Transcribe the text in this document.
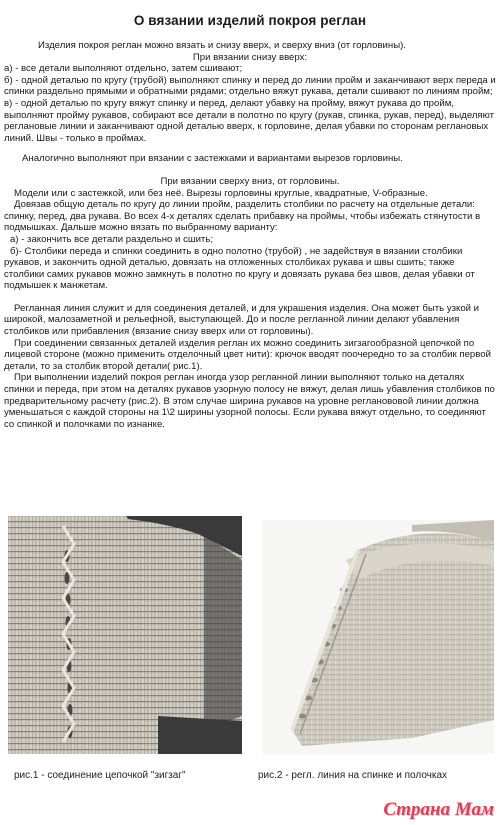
О вязании изделий покроя реглан

Изделия покроя реглан можно вязать и снизу вверх, и сверху вниз (от горловины).

При вязании снизу вверх:

а) - все детали выполняют отдельно, затем сшивают;

б) - одной деталью по кругу (трубой) выполняют спинку и перед до линии пройм и заканчивают верх переда и спинки раздельно прямыми и обратными рядами; отдельно вяжут рукава, детали сшивают по линиям пройм;

в) - одной деталью по кругу вяжут спинку и перед, делают убавку на пройму, вяжут рукава до пройм, выполняют пройму рукавов, собирают все детали в полотно по кругу (рукав, спинка, рукав, перед), выделяют реглановые линии и заканчивают одной деталью вверх, к горловине, делая убавки по сторонам реглановых линий. Швы - только в проймах.

Аналогично выполняют при вязании с застежками и вариантами вырезов горловины.

При вязании сверху вниз, от горловины.

Модели или с застежкой, или без неё. Вырезы горловины круглые, квадратные, V-образные.

Довязав общую деталь по кругу до линии пройм, разделить столбики по расчету на отдельные детали: спинку, перед, два рукава. Во всех 4-х деталях сделать прибавку на проймы, чтобы избежать стянутости в подмышках. Дальше можно вязать по выбранному варианту:

а) - закончить все детали раздельно и сшить;

б)- Столбики переда и спинки соединить в одно полотно (трубой) , не задействуя в вязании столбики рукавов, и закончить одной деталью, довязать на отложенных столбиках рукава и швы сшить; также столбики самих рукавов можно замкнуть в полотно по кругу и довязать рукава без швов, делая убавки от подмышек к манжетам.

Регланная линия служит и для соединения деталей, и для украшения изделия. Она может быть узкой и широкой, малозаметной и рельефной, выступающей. До и после регланной линии делают убавления столбиков или прибавления (вязание снизу вверх или от горловины).

При соединении связанных деталей изделия реглан их можно соединить зигзагообразной цепочкой по лицевой стороне (можно применить отделочный цвет нити): крючок вводят поочередно то за столбик первой детали, то за столбик второй детали( рис.1).

При выполнении изделий покроя реглан иногда узор регланной линии выполняют только на деталях спинки и переда, при этом на деталях рукавов узорную полосу не вяжут, делая лишь убавления столбиков по предварительному расчету (рис.2). В этом случае ширина рукавов на уровне регланововой линии должна уменьшаться с каждой стороны на 1\2 ширины узорной полосы. Если рукава вяжут отдельно, то соединяют со спинкой и полочками по изнанке.

рис.1 - соединение цепочкой "зигзаг"	рис.2 - регл. линия на спинке и полочках
Страна Мам
